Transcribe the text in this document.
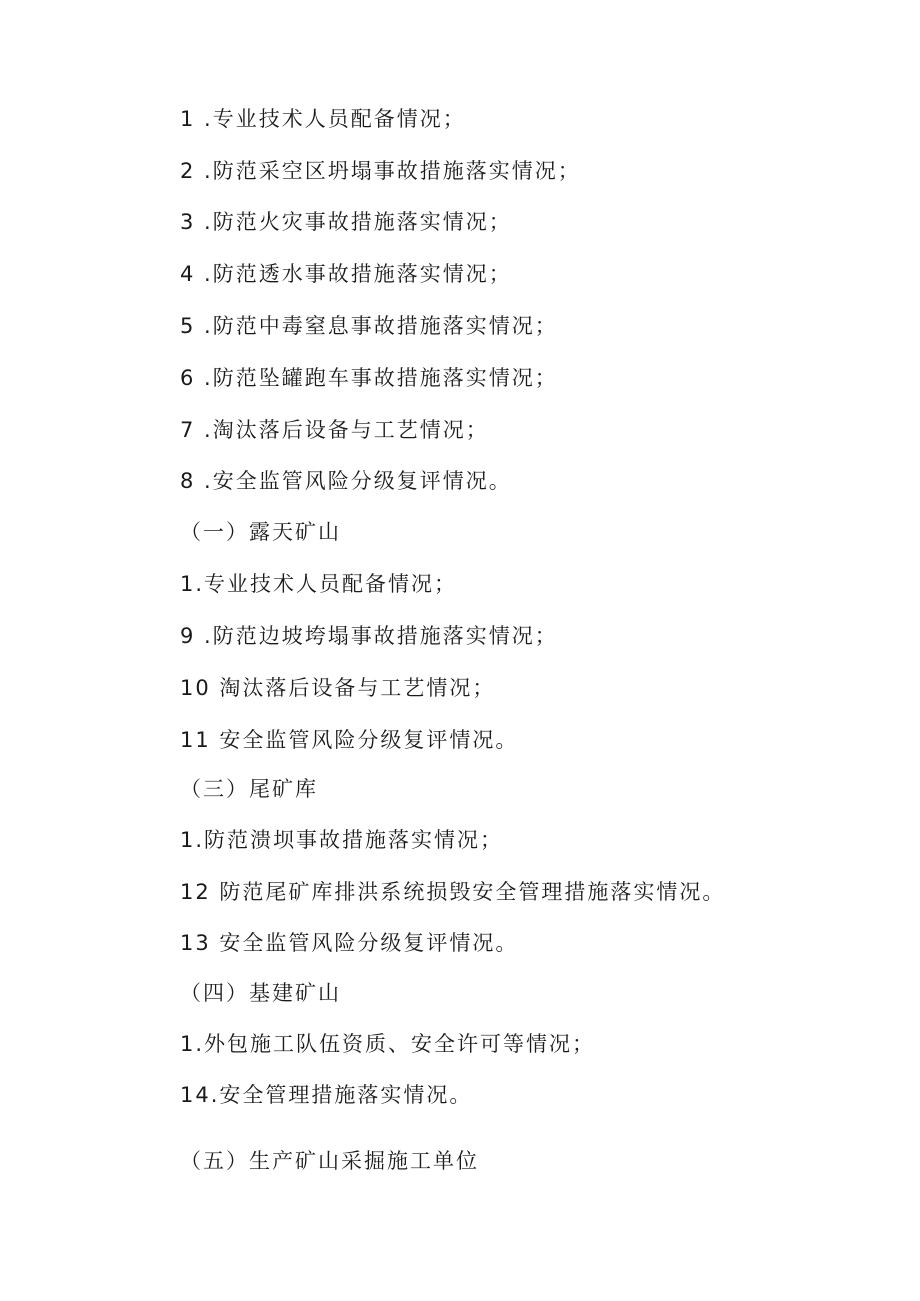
1 .专业技术人员配备情况；
2 .防范采空区坍塌事故措施落实情况；
3 .防范火灾事故措施落实情况；
4 .防范透水事故措施落实情况；
5 .防范中毒窒息事故措施落实情况；
6 .防范坠罐跑车事故措施落实情况；
7 .淘汰落后设备与工艺情况；
8 .安全监管风险分级复评情况。
（一）露天矿山
1.专业技术人员配备情况；
9 .防范边坡垮塌事故措施落实情况；
10 淘汰落后设备与工艺情况；
11 安全监管风险分级复评情况。
（三）尾矿库
1.防范溃坝事故措施落实情况；
12 防范尾矿库排洪系统损毁安全管理措施落实情况。
13 安全监管风险分级复评情况。
（四）基建矿山
1.外包施工队伍资质、安全许可等情况；
14.安全管理措施落实情况。
（五）生产矿山采掘施工单位
